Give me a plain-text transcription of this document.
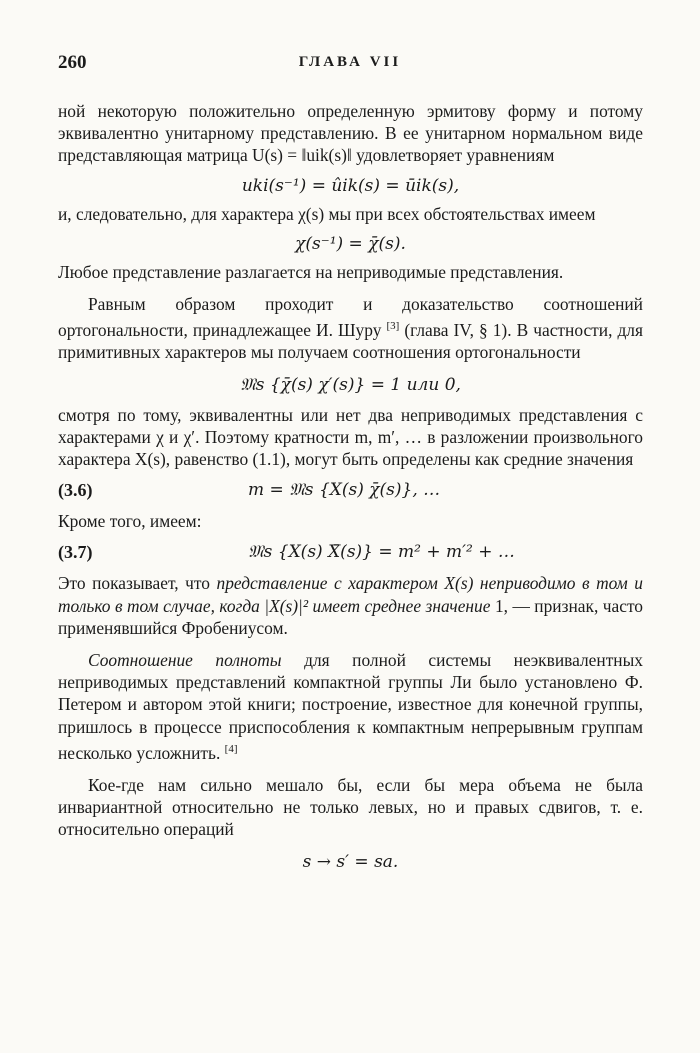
260	ГЛАВА VII

ной некоторую положительно определенную эрмитову форму и потому эквивалентно унитарному представлению. В ее унитарном нормальном виде представляющая матрица U(s) = ‖uik(s)‖ удовлетворяет уравнениям

uki(s⁻¹) = ûik(s) = ūik(s),

и, следовательно, для характера χ(s) мы при всех обстоятельствах имеем

χ(s⁻¹) = χ̄(s).

Любое представление разлагается на неприводимые представления.

Равным образом проходит и доказательство соотношений ортогональности, принадлежащее И. Шуру [3] (глава IV, § 1). В частности, для примитивных характеров мы получаем соотношения ортогональности

𝔐s {χ̄(s) χ′(s)} = 1 или 0,

смотря по тому, эквивалентны или нет два неприводимых представления с характерами χ и χ′. Поэтому кратности m, m′, … в разложении произвольного характера Χ(s), равенство (1.1), могут быть определены как средние значения

(3.6)	m = 𝔐s {Χ(s) χ̄(s)}, …

Кроме того, имеем:

(3.7)	𝔐s {Χ(s) Χ̄(s)} = m² + m′² + …

Это показывает, что представление с характером Χ(s) неприводимо в том и только в том случае, когда |Χ(s)|² имеет среднее значение 1, — признак, часто применявшийся Фробениусом.

Соотношение полноты для полной системы неэквивалентных неприводимых представлений компактной группы Ли было установлено Ф. Петером и автором этой книги; построение, известное для конечной группы, пришлось в процессе приспособления к компактным непрерывным группам несколько усложнить. [4]

Кое-где нам сильно мешало бы, если бы мера объема не была инвариантной относительно не только левых, но и правых сдвигов, т. е. относительно операций

s → s′ = sa.
